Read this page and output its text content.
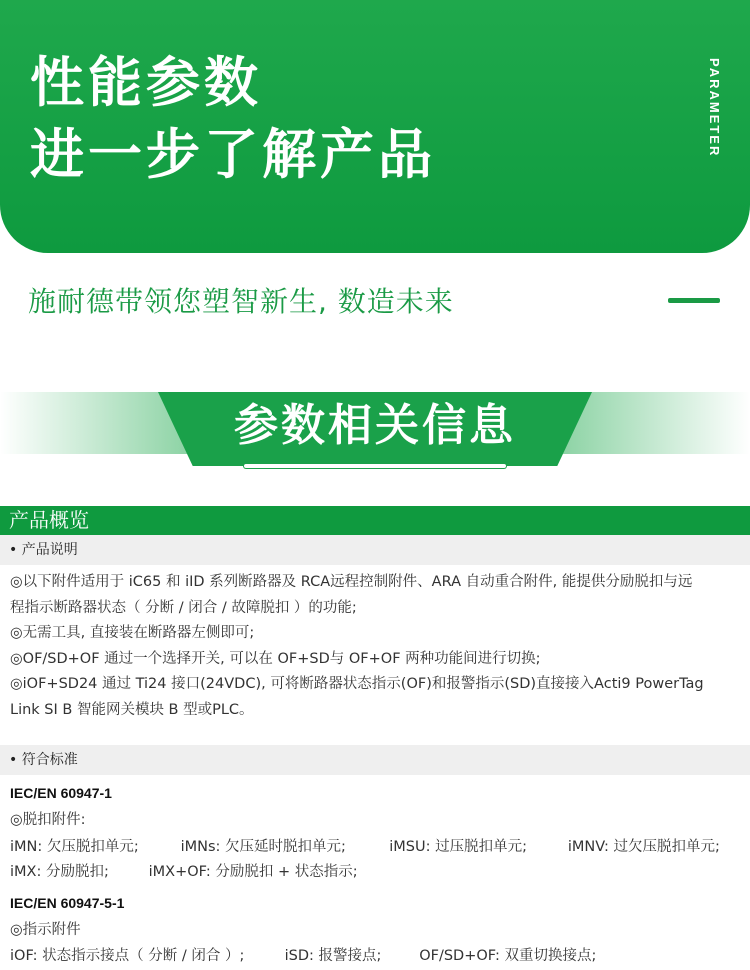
性能参数
进一步了解产品	PARAMETER
施耐德带领您塑智新生, 数造未来
参数相关信息
产品概览
• 产品说明
◎以下附件适用于 iC65 和 iID 系列断路器及 RCA远程控制附件、ARA 自动重合附件, 能提供分励脱扣与远
程指示断路器状态（ 分断 / 闭合 / 故障脱扣 ）的功能;
◎无需工具, 直接装在断路器左侧即可;
◎OF/SD+OF 通过一个选择开关, 可以在 OF+SD与 OF+OF 两种功能间进行切换;
◎iOF+SD24 通过 Ti24 接口(24VDC), 可将断路器状态指示(OF)和报警指示(SD)直接接入Acti9 PowerTag
Link SI B 智能网关模块 B 型或PLC。
• 符合标准
IEC/EN 60947-1
◎脱扣附件:
iMN: 欠压脱扣单元;	iMNs: 欠压延时脱扣单元;	iMSU: 过压脱扣单元;	iMNV: 过欠压脱扣单元;
iMX: 分励脱扣;	iMX+OF: 分励脱扣 + 状态指示;
IEC/EN 60947-5-1
◎指示附件
iOF: 状态指示接点（ 分断 / 闭合 ）;	iSD: 报警接点;	OF/SD+OF: 双重切换接点;
